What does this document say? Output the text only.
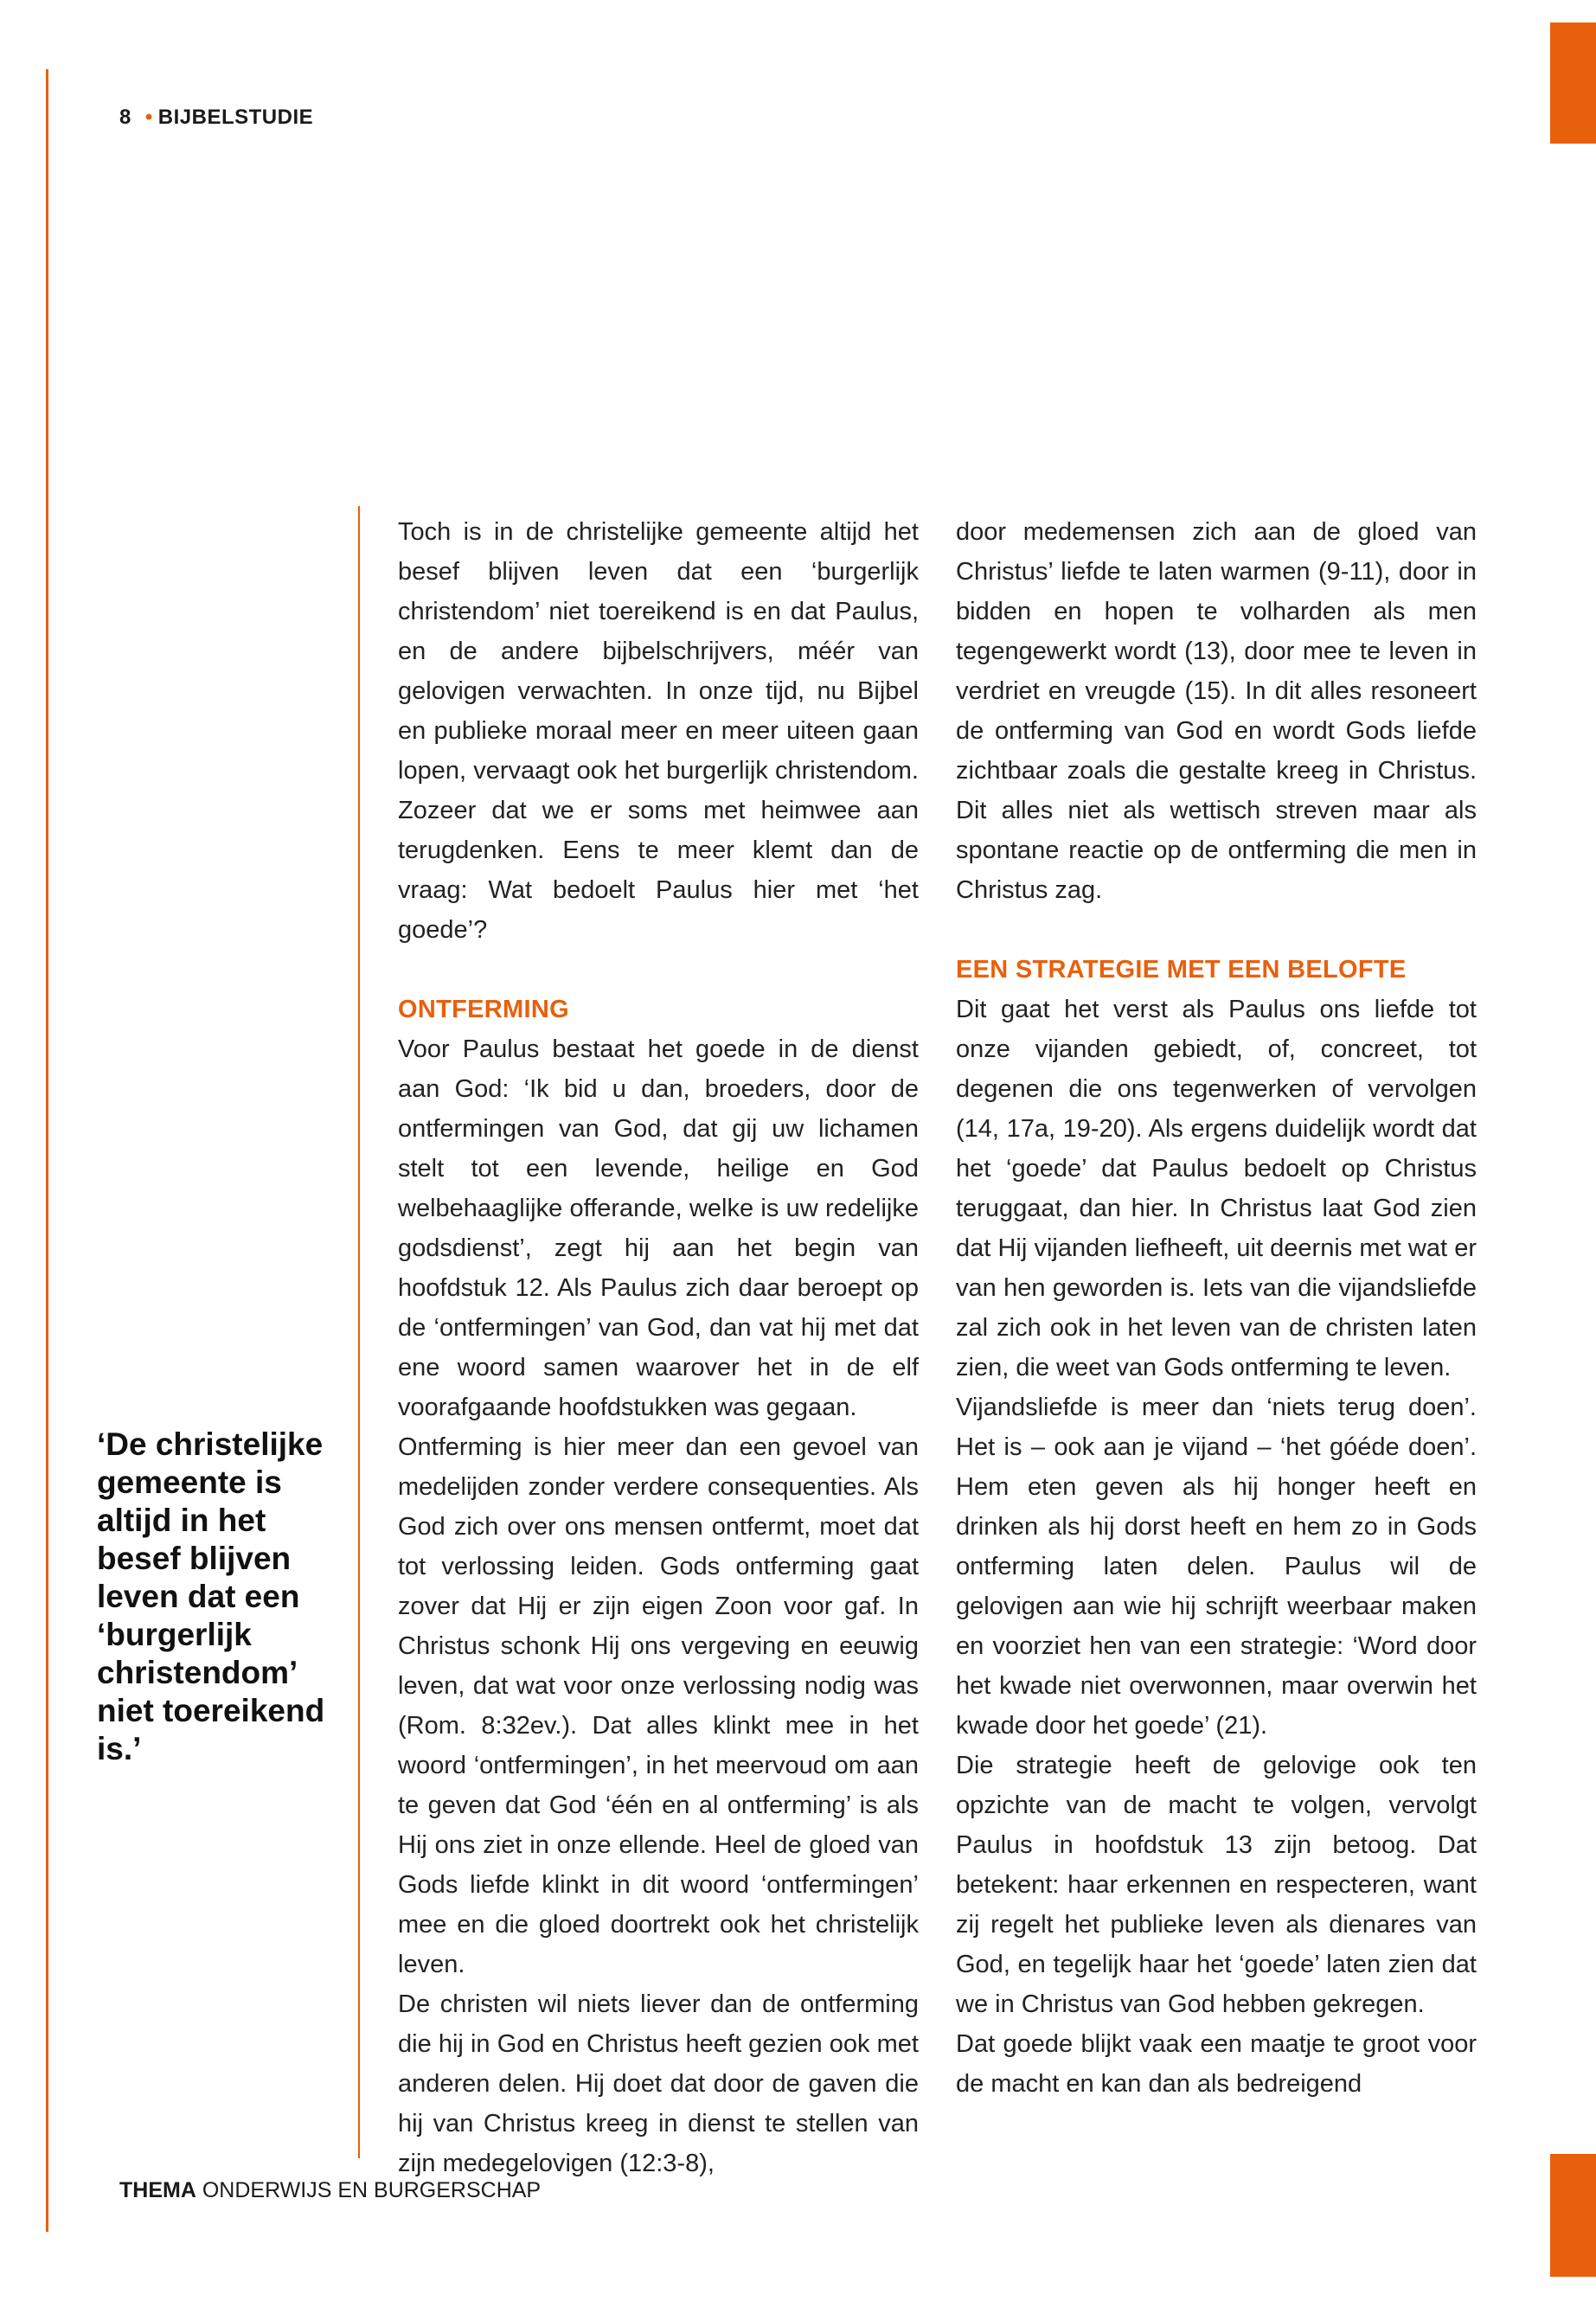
8 • BIJBELSTUDIE
‘De christelijke gemeente is altijd in het besef blijven leven dat een ‘burgerlijk christendom’ niet toereikend is.’

Toch is in de christelijke gemeente altijd het besef blijven leven dat een ‘burgerlijk christendom’ niet toereikend is en dat Paulus, en de andere bijbelschrijvers, méér van gelovigen verwachten. In onze tijd, nu Bijbel en publieke moraal meer en meer uiteen gaan lopen, vervaagt ook het burgerlijk christendom. Zozeer dat we er soms met heimwee aan terugdenken. Eens te meer klemt dan de vraag: Wat bedoelt Paulus hier met ‘het goede’?

ONTFERMING

Voor Paulus bestaat het goede in de dienst aan God: ‘Ik bid u dan, broeders, door de ontfermingen van God, dat gij uw lichamen stelt tot een levende, heilige en God welbehaaglijke offerande, welke is uw redelijke godsdienst’, zegt hij aan het begin van hoofdstuk 12. Als Paulus zich daar beroept op de ‘ontfermingen’ van God, dan vat hij met dat ene woord samen waarover het in de elf voorafgaande hoofdstukken was gegaan.

Ontferming is hier meer dan een gevoel van medelijden zonder verdere consequenties. Als God zich over ons mensen ontfermt, moet dat tot verlossing leiden. Gods ontferming gaat zover dat Hij er zijn eigen Zoon voor gaf. In Christus schonk Hij ons vergeving en eeuwig leven, dat wat voor onze verlossing nodig was (Rom. 8:32ev.). Dat alles klinkt mee in het woord ‘ontfermingen’, in het meervoud om aan te geven dat God ‘één en al ontferming’ is als Hij ons ziet in onze ellende. Heel de gloed van Gods liefde klinkt in dit woord ‘ontfermingen’ mee en die gloed doortrekt ook het christelijk leven.

De christen wil niets liever dan de ontferming die hij in God en Christus heeft gezien ook met anderen delen. Hij doet dat door de gaven die hij van Christus kreeg in dienst te stellen van zijn medegelovigen (12:3-8),

door medemensen zich aan de gloed van Christus’ liefde te laten warmen (9-11), door in bidden en hopen te volharden als men tegengewerkt wordt (13), door mee te leven in verdriet en vreugde (15). In dit alles resoneert de ontferming van God en wordt Gods liefde zichtbaar zoals die gestalte kreeg in Christus. Dit alles niet als wettisch streven maar als spontane reactie op de ontferming die men in Christus zag.

EEN STRATEGIE MET EEN BELOFTE

Dit gaat het verst als Paulus ons liefde tot onze vijanden gebiedt, of, concreet, tot degenen die ons tegenwerken of vervolgen (14, 17a, 19-20). Als ergens duidelijk wordt dat het ‘goede’ dat Paulus bedoelt op Christus teruggaat, dan hier. In Christus laat God zien dat Hij vijanden liefheeft, uit deernis met wat er van hen geworden is. Iets van die vijandsliefde zal zich ook in het leven van de christen laten zien, die weet van Gods ontferming te leven.

Vijandsliefde is meer dan ‘niets terug doen’. Het is – ook aan je vijand – ‘het góéde doen’. Hem eten geven als hij honger heeft en drinken als hij dorst heeft en hem zo in Gods ontferming laten delen. Paulus wil de gelovigen aan wie hij schrijft weerbaar maken en voorziet hen van een strategie: ‘Word door het kwade niet overwonnen, maar overwin het kwade door het goede’ (21).

Die strategie heeft de gelovige ook ten opzichte van de macht te volgen, vervolgt Paulus in hoofdstuk 13 zijn betoog. Dat betekent: haar erkennen en respecteren, want zij regelt het publieke leven als dienares van God, en tegelijk haar het ‘goede’ laten zien dat we in Christus van God hebben gekregen.

Dat goede blijkt vaak een maatje te groot voor de macht en kan dan als bedreigend

THEMA ONDERWIJS EN BURGERSCHAP
